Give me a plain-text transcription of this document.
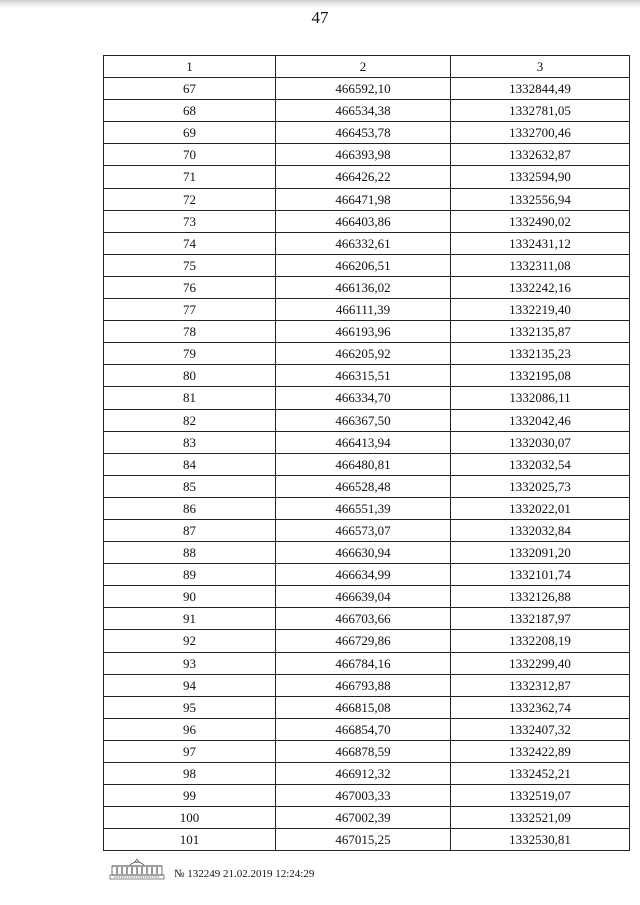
47
1	2	3
67	466592,10	1332844,49
68	466534,38	1332781,05
69	466453,78	1332700,46
70	466393,98	1332632,87
71	466426,22	1332594,90
72	466471,98	1332556,94
73	466403,86	1332490,02
74	466332,61	1332431,12
75	466206,51	1332311,08
76	466136,02	1332242,16
77	466111,39	1332219,40
78	466193,96	1332135,87
79	466205,92	1332135,23
80	466315,51	1332195,08
81	466334,70	1332086,11
82	466367,50	1332042,46
83	466413,94	1332030,07
84	466480,81	1332032,54
85	466528,48	1332025,73
86	466551,39	1332022,01
87	466573,07	1332032,84
88	466630,94	1332091,20
89	466634,99	1332101,74
90	466639,04	1332126,88
91	466703,66	1332187,97
92	466729,86	1332208,19
93	466784,16	1332299,40
94	466793,88	1332312,87
95	466815,08	1332362,74
96	466854,70	1332407,32
97	466878,59	1332422,89
98	466912,32	1332452,21
99	467003,33	1332519,07
100	467002,39	1332521,09
101	467015,25	1332530,81
№ 132249 21.02.2019 12:24:29
